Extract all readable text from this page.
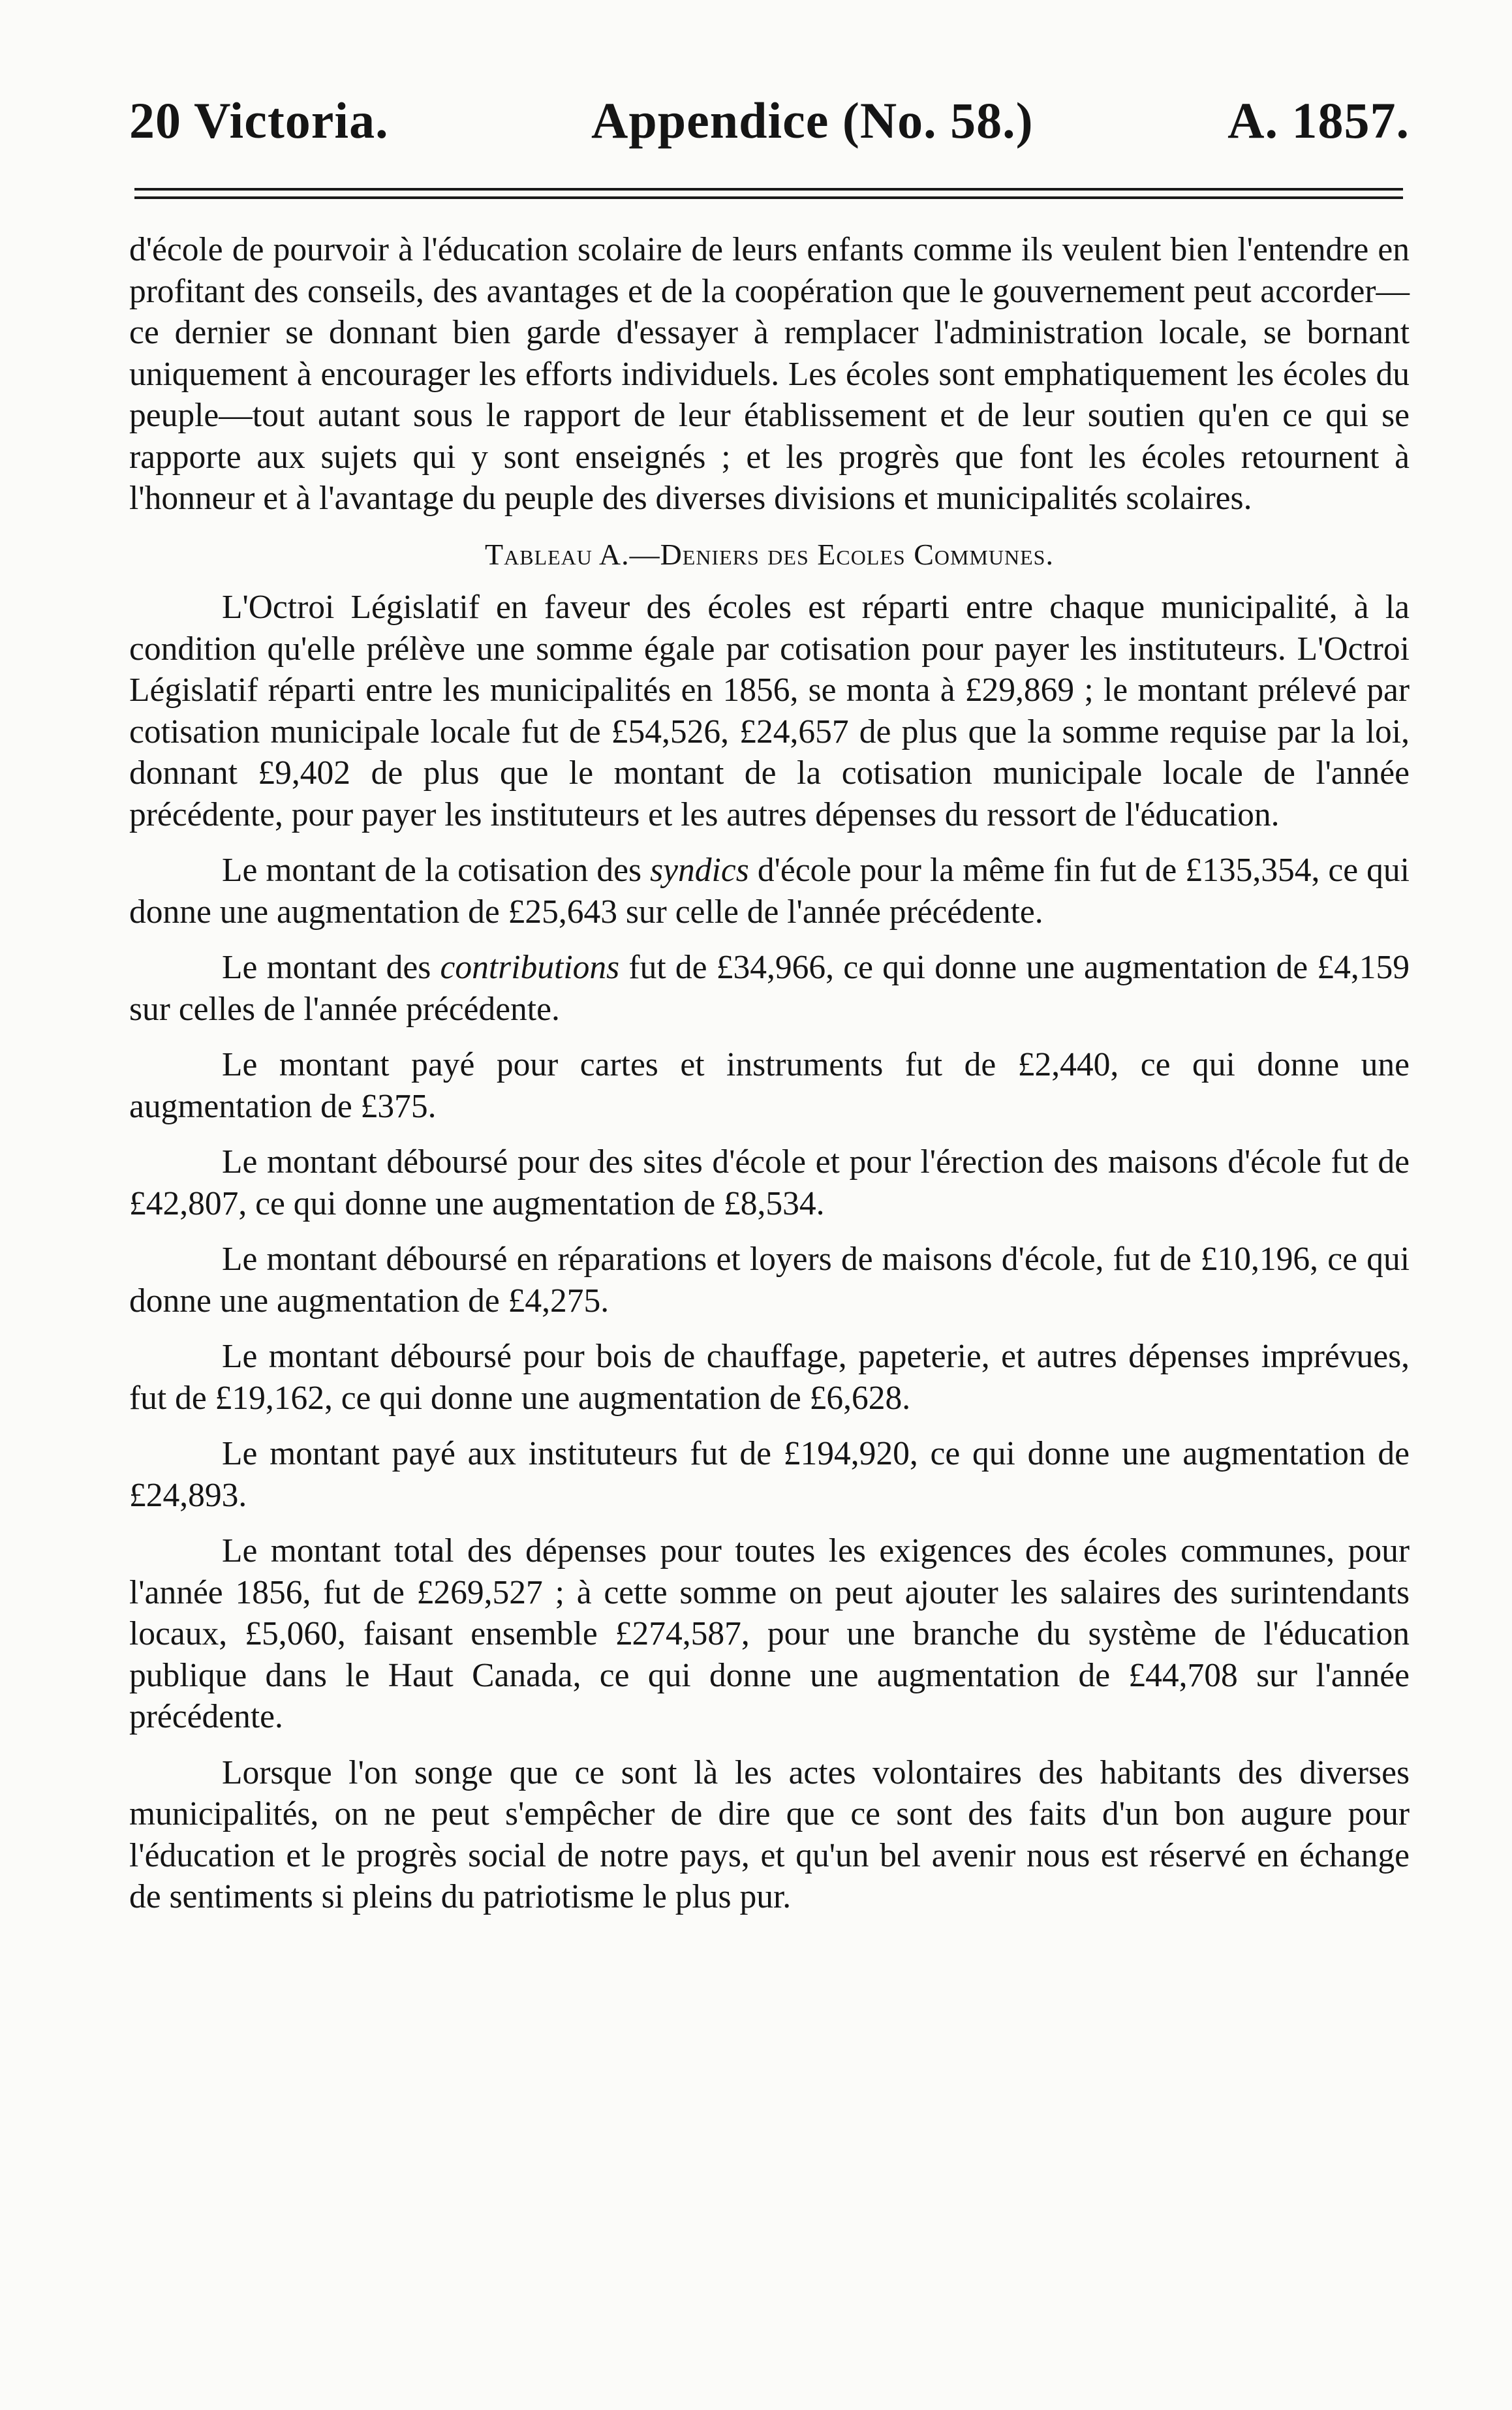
20 Victoria.	Appendice (No. 58.)	A. 1857.

d'école de pourvoir à l'éducation scolaire de leurs enfants comme ils veulent bien l'entendre en profitant des conseils, des avantages et de la coopération que le gouvernement peut accorder—ce dernier se donnant bien garde d'essayer à remplacer l'administration locale, se bornant uniquement à encourager les efforts individuels. Les écoles sont emphatiquement les écoles du peuple—tout autant sous le rapport de leur établissement et de leur soutien qu'en ce qui se rapporte aux sujets qui y sont enseignés ; et les progrès que font les écoles retournent à l'honneur et à l'avantage du peuple des diverses divisions et municipalités scolaires.

Tableau A.—Deniers des Ecoles Communes.

L'Octroi Législatif en faveur des écoles est réparti entre chaque municipalité, à la condition qu'elle prélève une somme égale par cotisation pour payer les instituteurs. L'Octroi Législatif réparti entre les municipalités en 1856, se monta à £29,869 ; le montant prélevé par cotisation municipale locale fut de £54,526, £24,657 de plus que la somme requise par la loi, donnant £9,402 de plus que le montant de la cotisation municipale locale de l'année précédente, pour payer les instituteurs et les autres dépenses du ressort de l'éducation.

Le montant de la cotisation des syndics d'école pour la même fin fut de £135,354, ce qui donne une augmentation de £25,643 sur celle de l'année précédente.

Le montant des contributions fut de £34,966, ce qui donne une augmentation de £4,159 sur celles de l'année précédente.

Le montant payé pour cartes et instruments fut de £2,440, ce qui donne une augmentation de £375.

Le montant déboursé pour des sites d'école et pour l'érection des maisons d'école fut de £42,807, ce qui donne une augmentation de £8,534.

Le montant déboursé en réparations et loyers de maisons d'école, fut de £10,196, ce qui donne une augmentation de £4,275.

Le montant déboursé pour bois de chauffage, papeterie, et autres dépenses imprévues, fut de £19,162, ce qui donne une augmentation de £6,628.

Le montant payé aux instituteurs fut de £194,920, ce qui donne une augmentation de £24,893.

Le montant total des dépenses pour toutes les exigences des écoles communes, pour l'année 1856, fut de £269,527 ; à cette somme on peut ajouter les salaires des surintendants locaux, £5,060, faisant ensemble £274,587, pour une branche du système de l'éducation publique dans le Haut Canada, ce qui donne une augmentation de £44,708 sur l'année précédente.

Lorsque l'on songe que ce sont là les actes volontaires des habitants des diverses municipalités, on ne peut s'empêcher de dire que ce sont des faits d'un bon augure pour l'éducation et le progrès social de notre pays, et qu'un bel avenir nous est réservé en échange de sentiments si pleins du patriotisme le plus pur.
